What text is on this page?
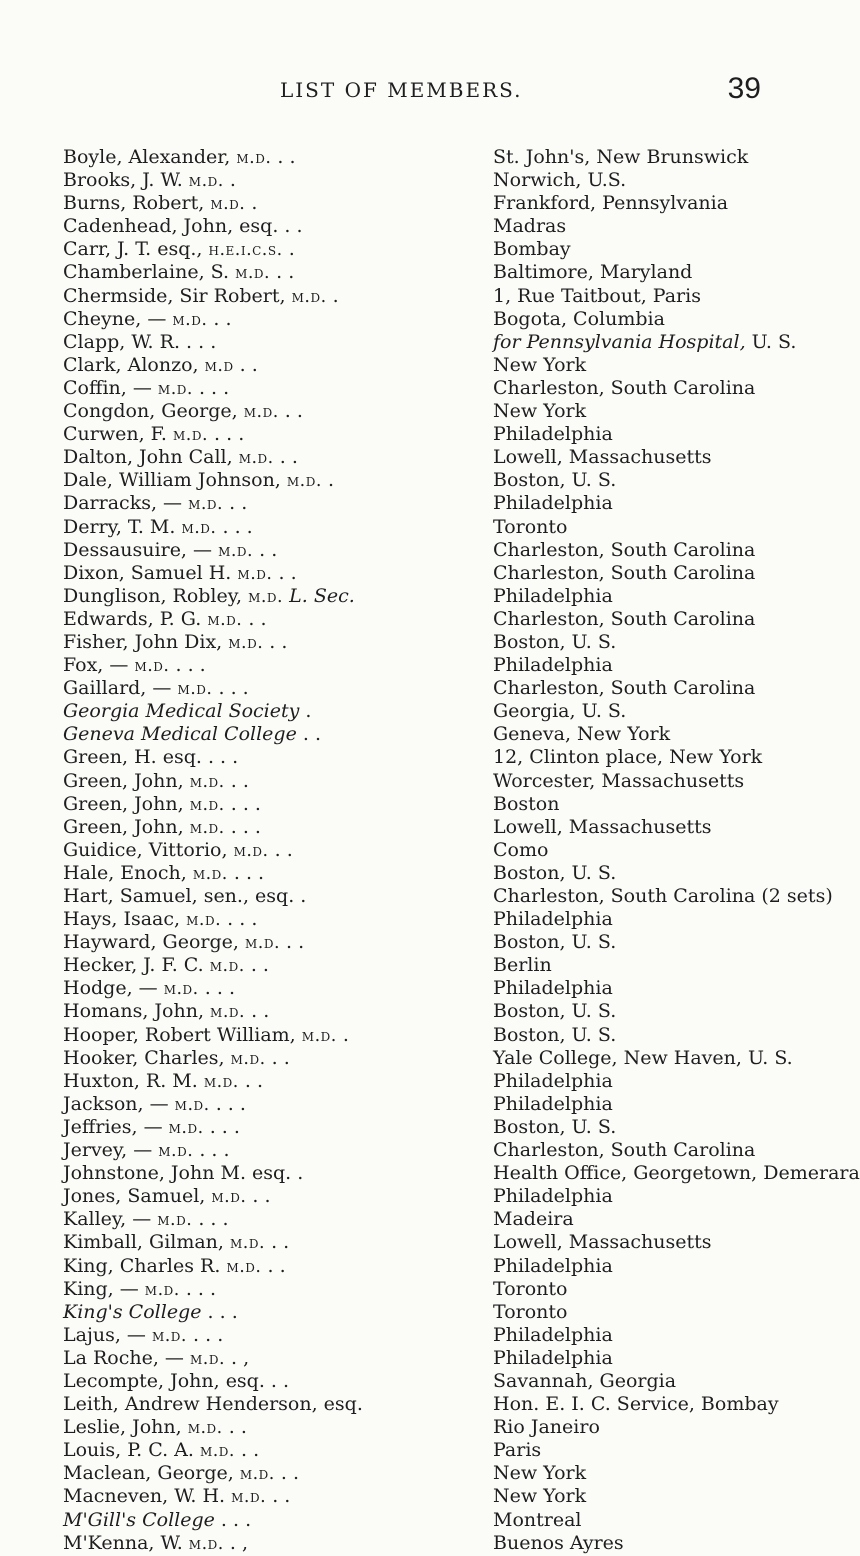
LIST OF MEMBERS.	39
Boyle, Alexander, m.d. . .	St. John's, New Brunswick
Brooks, J. W. m.d. .	Norwich, U.S.
Burns, Robert, m.d. .	Frankford, Pennsylvania
Cadenhead, John, esq. . .	Madras
Carr, J. T. esq., h.e.i.c.s. .	Bombay
Chamberlaine, S. m.d. . .	Baltimore, Maryland
Chermside, Sir Robert, m.d. .	1, Rue Taitbout, Paris
Cheyne, — m.d. . .	Bogota, Columbia
Clapp, W. R. . . .	for Pennsylvania Hospital, U. S.
Clark, Alonzo, m.d . .	New York
Coffin, — m.d. . . .	Charleston, South Carolina
Congdon, George, m.d. . .	New York
Curwen, F. m.d. . . .	Philadelphia
Dalton, John Call, m.d. . .	Lowell, Massachusetts
Dale, William Johnson, m.d. .	Boston, U. S.
Darracks, — m.d. . .	Philadelphia
Derry, T. M. m.d. . . .	Toronto
Dessausuire, — m.d. . .	Charleston, South Carolina
Dixon, Samuel H. m.d. . .	Charleston, South Carolina
Dunglison, Robley, m.d. L. Sec.	Philadelphia
Edwards, P. G. m.d. . .	Charleston, South Carolina
Fisher, John Dix, m.d. . .	Boston, U. S.
Fox, — m.d. . . .	Philadelphia
Gaillard, — m.d. . . .	Charleston, South Carolina
Georgia Medical Society .	Georgia, U. S.
Geneva Medical College . .	Geneva, New York
Green, H. esq. . . .	12, Clinton place, New York
Green, John, m.d. . .	Worcester, Massachusetts
Green, John, m.d. . . .	Boston
Green, John, m.d. . . .	Lowell, Massachusetts
Guidice, Vittorio, m.d. . .	Como
Hale, Enoch, m.d. . . .	Boston, U. S.
Hart, Samuel, sen., esq. .	Charleston, South Carolina (2 sets)
Hays, Isaac, m.d. . . .	Philadelphia
Hayward, George, m.d. . .	Boston, U. S.
Hecker, J. F. C. m.d. . .	Berlin
Hodge, — m.d. . . .	Philadelphia
Homans, John, m.d. . .	Boston, U. S.
Hooper, Robert William, m.d. .	Boston, U. S.
Hooker, Charles, m.d. . .	Yale College, New Haven, U. S.
Huxton, R. M. m.d. . .	Philadelphia
Jackson, — m.d. . . .	Philadelphia
Jeffries, — m.d. . . .	Boston, U. S.
Jervey, — m.d. . . .	Charleston, South Carolina
Johnstone, John M. esq. .	Health Office, Georgetown, Demerara
Jones, Samuel, m.d. . .	Philadelphia
Kalley, — m.d. . . .	Madeira
Kimball, Gilman, m.d. . .	Lowell, Massachusetts
King, Charles R. m.d. . .	Philadelphia
King, — m.d. . . .	Toronto
King's College . . .	Toronto
Lajus, — m.d. . . .	Philadelphia
La Roche, — m.d. . ,	Philadelphia
Lecompte, John, esq. . .	Savannah, Georgia
Leith, Andrew Henderson, esq.	Hon. E. I. C. Service, Bombay
Leslie, John, m.d. . .	Rio Janeiro
Louis, P. C. A. m.d. . .	Paris
Maclean, George, m.d. . .	New York
Macneven, W. H. m.d. . .	New York
M'Gill's College . . .	Montreal
M'Kenna, W. m.d. . ,	Buenos Ayres
